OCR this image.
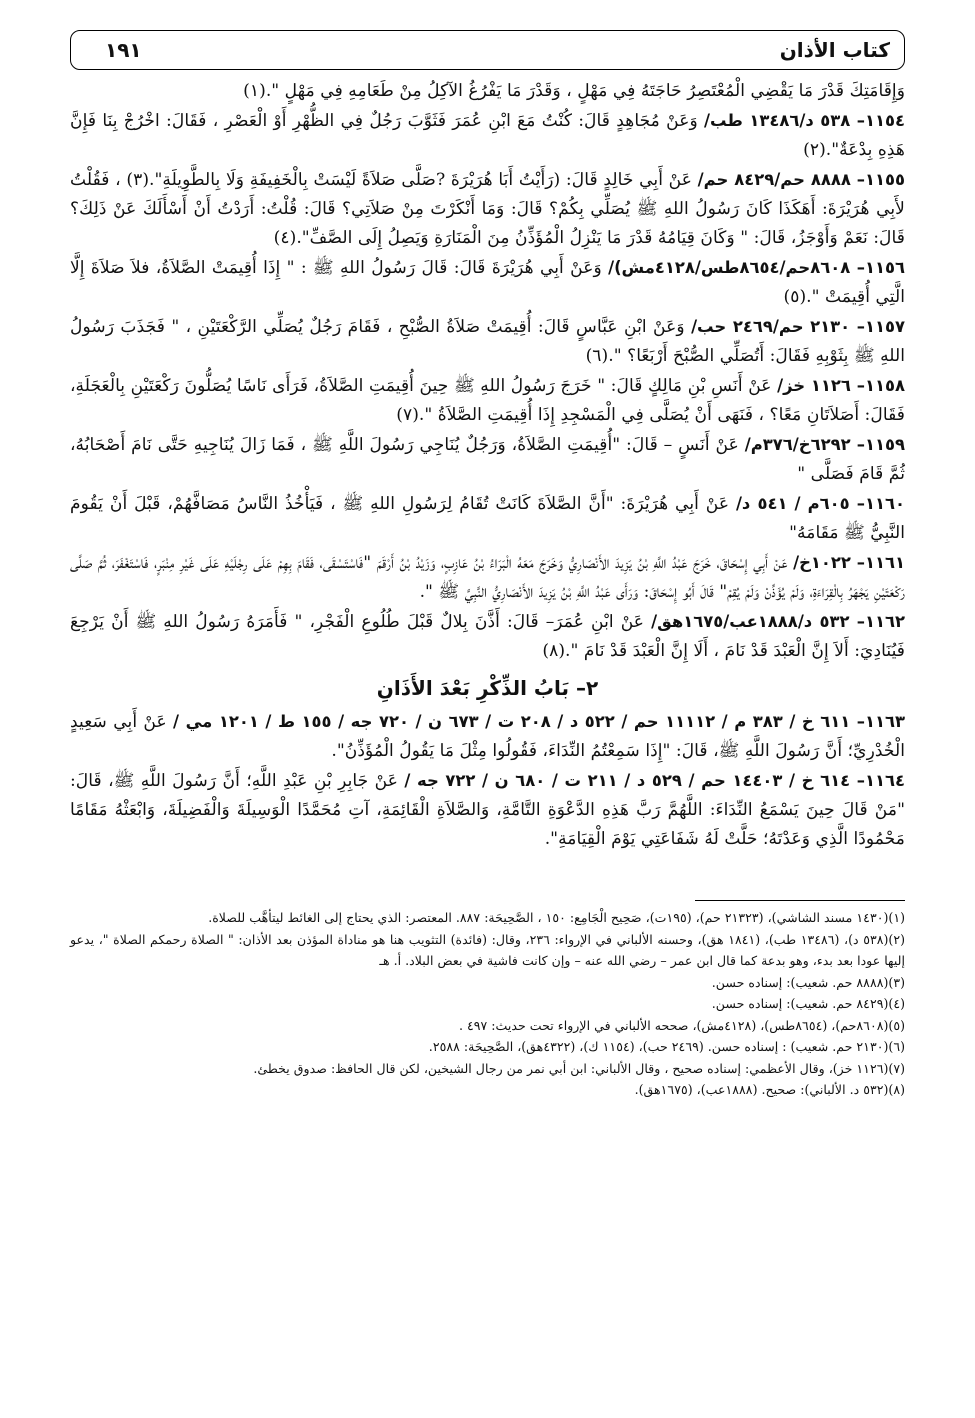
كتاب الأذان
١٩١

وَإِقَامَتِكَ قَدْرَ مَا يَقْضِي الْمُعْتَصِرُ حَاجَتَهُ فِي مَهْلٍ ، وَقَدْرَ مَا يَفْرُغُ الآكِلُ مِنْ طَعَامِهِ فِي مَهْلٍ ".(١)

١١٥٤– ٥٣٨ د/١٣٤٨٦ طب/ وَعَنْ مُجَاهِدٍ قَالَ: كُنْتُ مَعَ ابْنِ عُمَرَ فَثَوَّبَ رَجُلٌ فِي الظُّهْرِ أَوْ الْعَصْرِ ، فَقَالَ: اخْرُجْ بِنَا فَإِنَّ هَذِهِ بِدْعَةٌ".(٢)

١١٥٥– ٨٨٨٨ حم/٨٤٢٩ حم/ عَنْ أَبِي خَالِدٍ قَالَ: (رَأَيْتُ أَبَا هُرَيْرَةَ ?صَلَّى صَلاَةً لَيْسَتْ بِالْخَفِيفَةِ وَلَا بِالطَّوِيلَةِ".(٣) ، فَقُلْتُ لأَبِي هُرَيْرَةَ: أَهَكَذَا كَانَ رَسُولُ اللهِ ﷺ يُصَلِّي بِكُمْ؟ قَالَ: وَمَا أَنْكَرْتَ مِنْ صَلاَتِي؟ قَالَ: قُلْتُ: أَرَدْتُ أَنْ أَسْأَلَكَ عَنْ ذَلِكَ؟ قَالَ: نَعَمْ وَأَوْجَزُ، قَالَ: " وَكَانَ قِيَامُهُ قَدْرَ مَا يَنْزِلُ الْمُؤَذِّنُ مِنَ الْمَنَارَةِ وَيَصِلُ إِلَى الصَّفِّ".(٤)

١١٥٦– ٨٦٠٨حم/٨٦٥٤طس/٤١٢٨مش)/ وَعَنْ أَبِي هُرَيْرَةَ قَالَ: قَالَ رَسُولُ اللهِ ﷺ : " إِذَا أُقِيمَتْ الصَّلاَةُ، فلاَ صَلاَةَ إِلَّا الَّتِي أُقِيمَتْ ".(٥)

١١٥٧– ٢١٣٠ حم/٢٤٦٩ حب/ وَعَنْ ابْنِ عَبَّاسٍ قَالَ: أُقِيمَتْ صَلاَةُ الصُّبْحِ ، فَقَامَ رَجُلٌ يُصَلِّي الرَّكْعَتَيْنِ ، " فَجَذَبَ رَسُولُ اللهِ ﷺ بِثَوْبِهِ فَقَالَ: أَتُصَلِّي الصُّبْحَ أَرْبَعًا؟ ".(٦)

١١٥٨– ١١٢٦ خز/ عَنْ أَنَسِ بْنِ مَالِكٍ قَالَ: " خَرَجَ رَسُولُ اللهِ ﷺ حِينَ أُقِيمَتِ الصَّلاَةُ، فَرَأَى نَاسًا يُصَلُّونَ رَكْعَتَيْنِ بِالْعَجَلَةِ، فَقَالَ: أَصَلاَتَانِ مَعًا؟ ، فَنَهَى أَنْ يُصَلَّى فِي الْمَسْجِدِ إِذَا أُقِيمَتِ الصَّلاَةُ ".(٧)

١١٥٩– ٦٢٩٢خ/٣٧٦م/ عَنْ أَنَسٍ – قَالَ: "أُقِيمَتِ الصَّلاَةُ، وَرَجُلٌ يُنَاجِي رَسُولَ اللَّهِ ﷺ ، فَمَا زَالَ يُنَاجِيهِ حَتَّى نَامَ أَصْحَابُهُ، ثُمَّ قَامَ فَصَلَّى "

١١٦٠– ٦٠٥م / ٥٤١ د/ عَنْ أَبِي هُرَيْرَةَ: "أَنَّ الصَّلاَةَ كَانَتْ تُقَامُ لِرَسُولِ اللهِ ﷺ ، فَيَأْخُذُ النَّاسُ مَصَافَّهُمْ، قَبْلَ أَنْ يَقُومَ النَّبِيُّ ﷺ مَقَامَهُ"

١١٦١– ١٠٢٢خ/ عَنْ أَبِي إِسْحَاقَ، خَرَجَ عَبْدُ اللَّهِ بْنُ يَزِيدَ الأَنْصَارِيُّ وَخَرَجَ مَعَهُ الْبَرَاءُ بْنُ عَازِبٍ، وَزَيْدُ بْنُ أَرْقَمَ "فَاسْتَسْقَى، فَقَامَ بِهِمْ عَلَى رِجْلَيْهِ عَلَى غَيْرِ مِنْبَرٍ، فَاسْتَغْفَرَ، ثُمَّ صَلَّى رَكْعَتَيْنِ يَجْهَرُ بِالْقِرَاءَةِ، وَلَمْ يُؤَذِّنْ وَلَمْ يُقِمْ" قَالَ أَبُو إِسْحَاقَ: وَرَأَى عَبْدُ اللَّهِ بْنُ يَزِيدَ الأَنْصَارِيُّ النَّبِيَّ ﷺ ".

١١٦٢– ٥٣٢ د/١٨٨٨عب/١٦٧٥هق/ عَنْ ابْنِ عُمَرَ– قَالَ: أَذَّنَ بِلالٌ قَبْلَ طُلُوعِ الْفَجْرِ، " فَأَمَرَهُ رَسُولُ اللهِ ﷺ أَنْ يَرْجِعَ فَيُنَادِيَ: أَلاَ إِنَّ الْعَبْدَ قَدْ نَامَ ، أَلَا إِنَّ الْعَبْدَ قَدْ نَامَ ".(٨)

٢– بَابُ الذِّكْرِ بَعْدَ الأَذَانِ

١١٦٣– ٦١١ خ / ٣٨٣ م / ١١١١٢ حم / ٥٢٢ د / ٢٠٨ ت / ٦٧٣ ن / ٧٢٠ جه / ١٥٥ ط / ١٢٠١ مي / عَنْ أَبِي سَعِيدٍ الْخُدْرِيِّ؛ أَنَّ رَسُولَ اللَّهِ ﷺ، قَالَ: "إِذَا سَمِعْتُمُ النِّدَاءَ، فَقُولُوا مِثْلَ مَا يَقُولُ الْمُؤَذِّنُ".

١١٦٤– ٦١٤ خ / ١٤٤٠٣ حم / ٥٢٩ د / ٢١١ ت / ٦٨٠ ن / ٧٢٢ جه / عَنْ جَابِرِ بْنِ عَبْدِ اللَّهِ؛ أَنَّ رَسُولَ اللَّهِ ﷺ، قَالَ: "مَنْ قَالَ حِينَ يَسْمَعُ النِّدَاءَ: اللَّهُمَّ رَبَّ هَذِهِ الدَّعْوَةِ التَّامَّةِ، وَالصَّلاَةِ الْقَائِمَةِ، آتِ مُحَمَّدًا الْوَسِيلَةَ وَالْفَضِيلَةَ، وَابْعَثْهُ مَقَامًا مَحْمُودًا الَّذِي وَعَدْتَهُ؛ حَلَّتْ لَهُ شَفَاعَتِي يَوْمَ الْقِيَامَةِ".

(١)(١٤٣٠ مسند الشاشي)، (٢١٣٢٣ حم)، (١٩٥ت)، صَحِيح الْجَامِع: ١٥٠ ، الصَّحِيحَة: ٨٨٧. المعتصر: الذي يحتاج إلى الغائط ليتأهَّب للصلاة.

(٢)(٥٣٨ د)، (١٣٤٨٦ طب)، (١٨٤١ هق)، وحسنه الألباني في الإرواء: ٢٣٦، وقال: (فائدة) التثويب هنا هو مناداة المؤذن بعد الأذان: " الصلاة رحمكم الصلاة "، يدعو إليها عودا بعد بدء، وهو بدعة كما قال ابن عمر – رضي الله عنه – وإن كانت فاشية في بعض البلاد. أ. هـ

(٣)(٨٨٨٨ حم. شعيب): إسناده حسن.

(٤)(٨٤٢٩ حم. شعيب): إسناده حسن.

(٥)(٨٦٠٨حم)، (٨٦٥٤طس)، (٤١٢٨مش)، صححه الألباني في الإرواء تحت حديث: ٤٩٧ .

(٦)(٢١٣٠ حم. شعيب) : إسناده حسن. (٢٤٦٩ حب)، (١١٥٤ ك)، (٤٣٢٢هق)، الصَّحِيحَة: ٢٥٨٨.

(٧)(١١٢٦ خز)، وقال الأعظمي: إسناده صحيح ، وقال الألباني: ابن أبي نمر من رجال الشيخين، لكن قال الحافظ: صدوق يخطئ.

(٨)(٥٣٢ د. الألباني): صحيح. (١٨٨٨عب)، (١٦٧٥هق).
